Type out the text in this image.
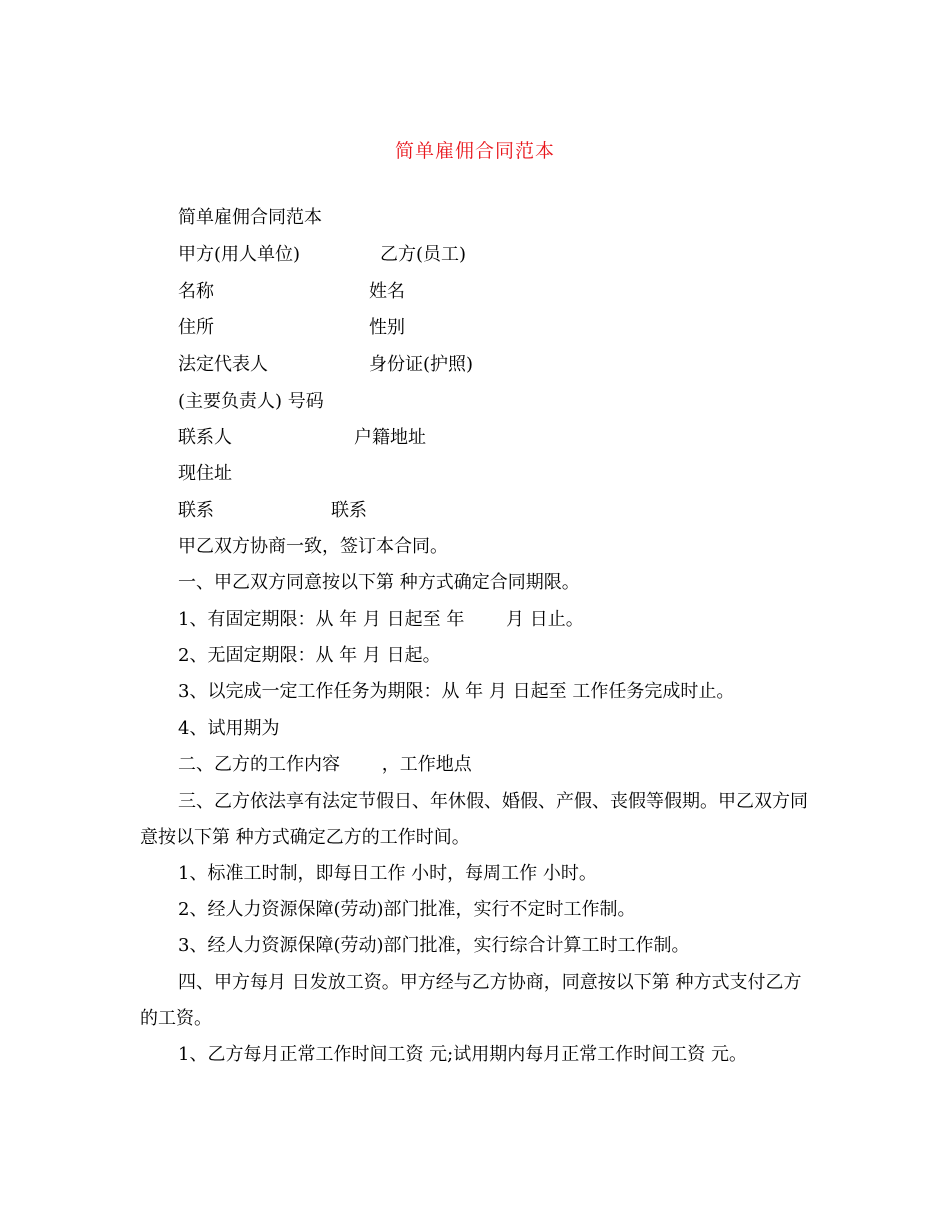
简单雇佣合同范本
简单雇佣合同范本
甲方(用人单位)	乙方(员工)
名称	姓名
住所	性别
法定代表人	身份证(护照)
(主要负责人) 号码
联系人	户籍地址
现住址
联系	联系
甲乙双方协商一致，签订本合同。
一、甲乙双方同意按以下第 种方式确定合同期限。
1、有固定期限：从 年 月 日起至 年　　 月 日止。
2、无固定期限：从 年 月 日起。
3、以完成一定工作任务为期限：从 年 月 日起至 工作任务完成时止。
4、试用期为
二、乙方的工作内容　　 ，工作地点
三、乙方依法享有法定节假日、年休假、婚假、产假、丧假等假期。甲乙双方同意按以下第 种方式确定乙方的工作时间。
1、标准工时制，即每日工作 小时，每周工作 小时。
2、经人力资源保障(劳动)部门批准，实行不定时工作制。
3、经人力资源保障(劳动)部门批准，实行综合计算工时工作制。
四、甲方每月 日发放工资。甲方经与乙方协商，同意按以下第 种方式支付乙方的工资。
1、乙方每月正常工作时间工资 元;试用期内每月正常工作时间工资 元。
